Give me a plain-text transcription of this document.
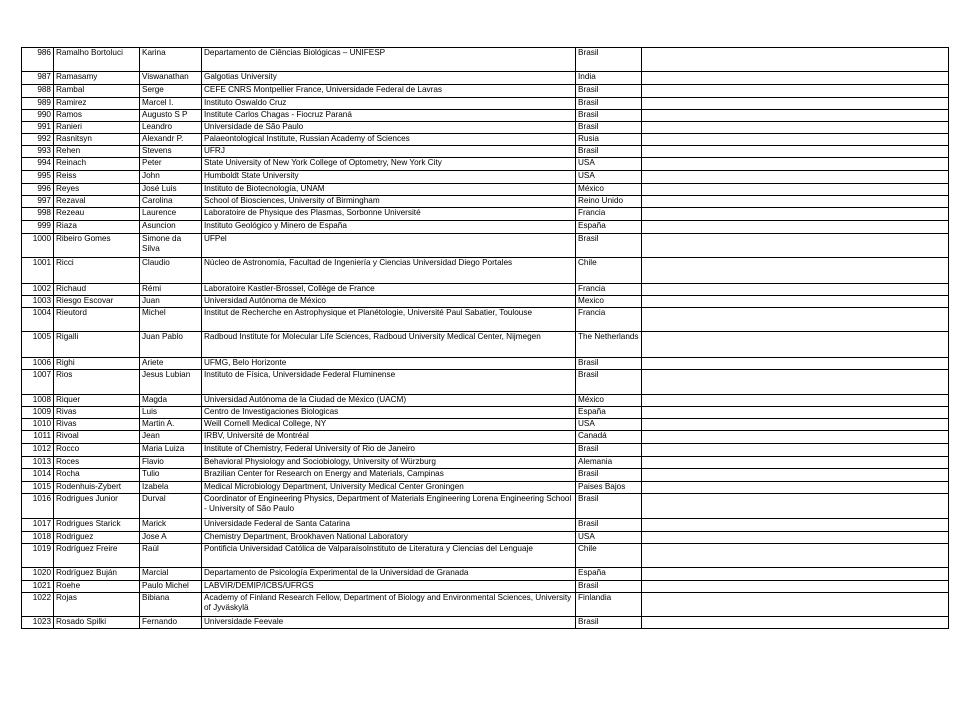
986	Ramalho Bortoluci	Karina	Departamento de Ciências Biológicas – UNIFESP	Brasil	
987	Ramasamy	Viswanathan	Galgotias University	India	
988	Rambal	Serge	CEFE CNRS Montpellier France, Universidade Federal de Lavras	Brasil	
989	Ramirez	Marcel I.	Instituto Oswaldo Cruz	Brasil	
990	Ramos	Augusto S P	Institute Carlos Chagas - Fiocruz Paraná	Brasil	
991	Ranieri	Leandro	Universidade de São Paulo	Brasil	
992	Rasnitsyn	Alexandr P.	Palaeontological Institute, Russian Academy of Sciences	Rusia	
993	Rehen	Stevens	UFRJ	Brasil	
994	Reinach	Peter	State University of New York College of Optometry, New York City	USA	
995	Reiss	John	Humboldt State University	USA	
996	Reyes	José Luis	Instituto de Biotecnología, UNAM	México	
997	Rezaval	Carolina	School of Biosciences, University of Birmingham	Reino Unido	
998	Rezeau	Laurence	Laboratoire de Physique des Plasmas, Sorbonne Université	Francia	
999	Riaza	Asuncion	Instituto Geológico y Minero de España	España	
1000	Ribeiro Gomes	Simone da Silva	UFPel	Brasil	
1001	Ricci	Claudio	Núcleo de Astronomía, Facultad de Ingeniería y Ciencias Universidad Diego Portales	Chile	
1002	Richaud	Rémi	Laboratoire Kastler-Brossel, Collège de France	Francia	
1003	Riesgo Escovar	Juan	Universidad Autónoma de México	Mexico	
1004	Rieutord	Michel	Institut de Recherche en Astrophysique et Planétologie, Université Paul Sabatier, Toulouse	Francia	
1005	Rigalli	Juan Pablo	Radboud Institute for Molecular Life Sciences, Radboud University Medical Center, Nijmegen	The Netherlands	
1006	Righi	Ariete	UFMG, Belo Horizonte	Brasil	
1007	Rios	Jesus Lubian	Instituto de Física, Universidade Federal Fluminense	Brasil	
1008	Riquer	Magda	Universidad Autónoma de la Ciudad de México (UACM)	México	
1009	Rivas	Luis	Centro de Investigaciones Biologicas	España	
1010	Rivas	Martin A.	Weill Cornell Medical College, NY	USA	
1011	Rivoal	Jean	IRBV, Université de Montréal	Canadá	
1012	Rocco	Maria Luiza	Institute of Chemistry, Federal University of Rio de Janeiro	Brasil	
1013	Roces	Flavio	Behavioral Physiology and Sociobiology, University of Würzburg	Alemania	
1014	Rocha	Tulio	Brazilian Center for Research on Energy and Materials, Campinas	Brasil	
1015	Rodenhuis-Zybert	Izabela	Medical Microbiology Department, University Medical Center Groningen	Paises Bajos	
1016	Rodrigues Junior	Durval	Coordinator of Engineering Physics, Department of Materials Engineering Lorena Engineering School - University of São Paulo	Brasil	
1017	Rodrigues Starick	Marick	Universidade Federal de Santa Catarina	Brasil	
1018	Rodriguez	Jose A	Chemistry Department, Brookhaven National Laboratory	USA	
1019	Rodríguez Freire	Raúl	Pontificia Universidad Católica de ValparaísoInstituto de Literatura y Ciencias del Lenguaje	Chile	
1020	Rodrïguez Buján	Marcial	Departamento de Psicología Experimental de la Universidad de Granada	España	
1021	Roehe	Paulo Michel	LABVIR/DEMIP/ICBS/UFRGS	Brasil	
1022	Rojas	Bibiana	Academy of Finland Research Fellow, Department of Biology and Environmental Sciences, University of Jyväskylä	Finlandia	
1023	Rosado Spilki	Fernando	Universidade Feevale	Brasil	
